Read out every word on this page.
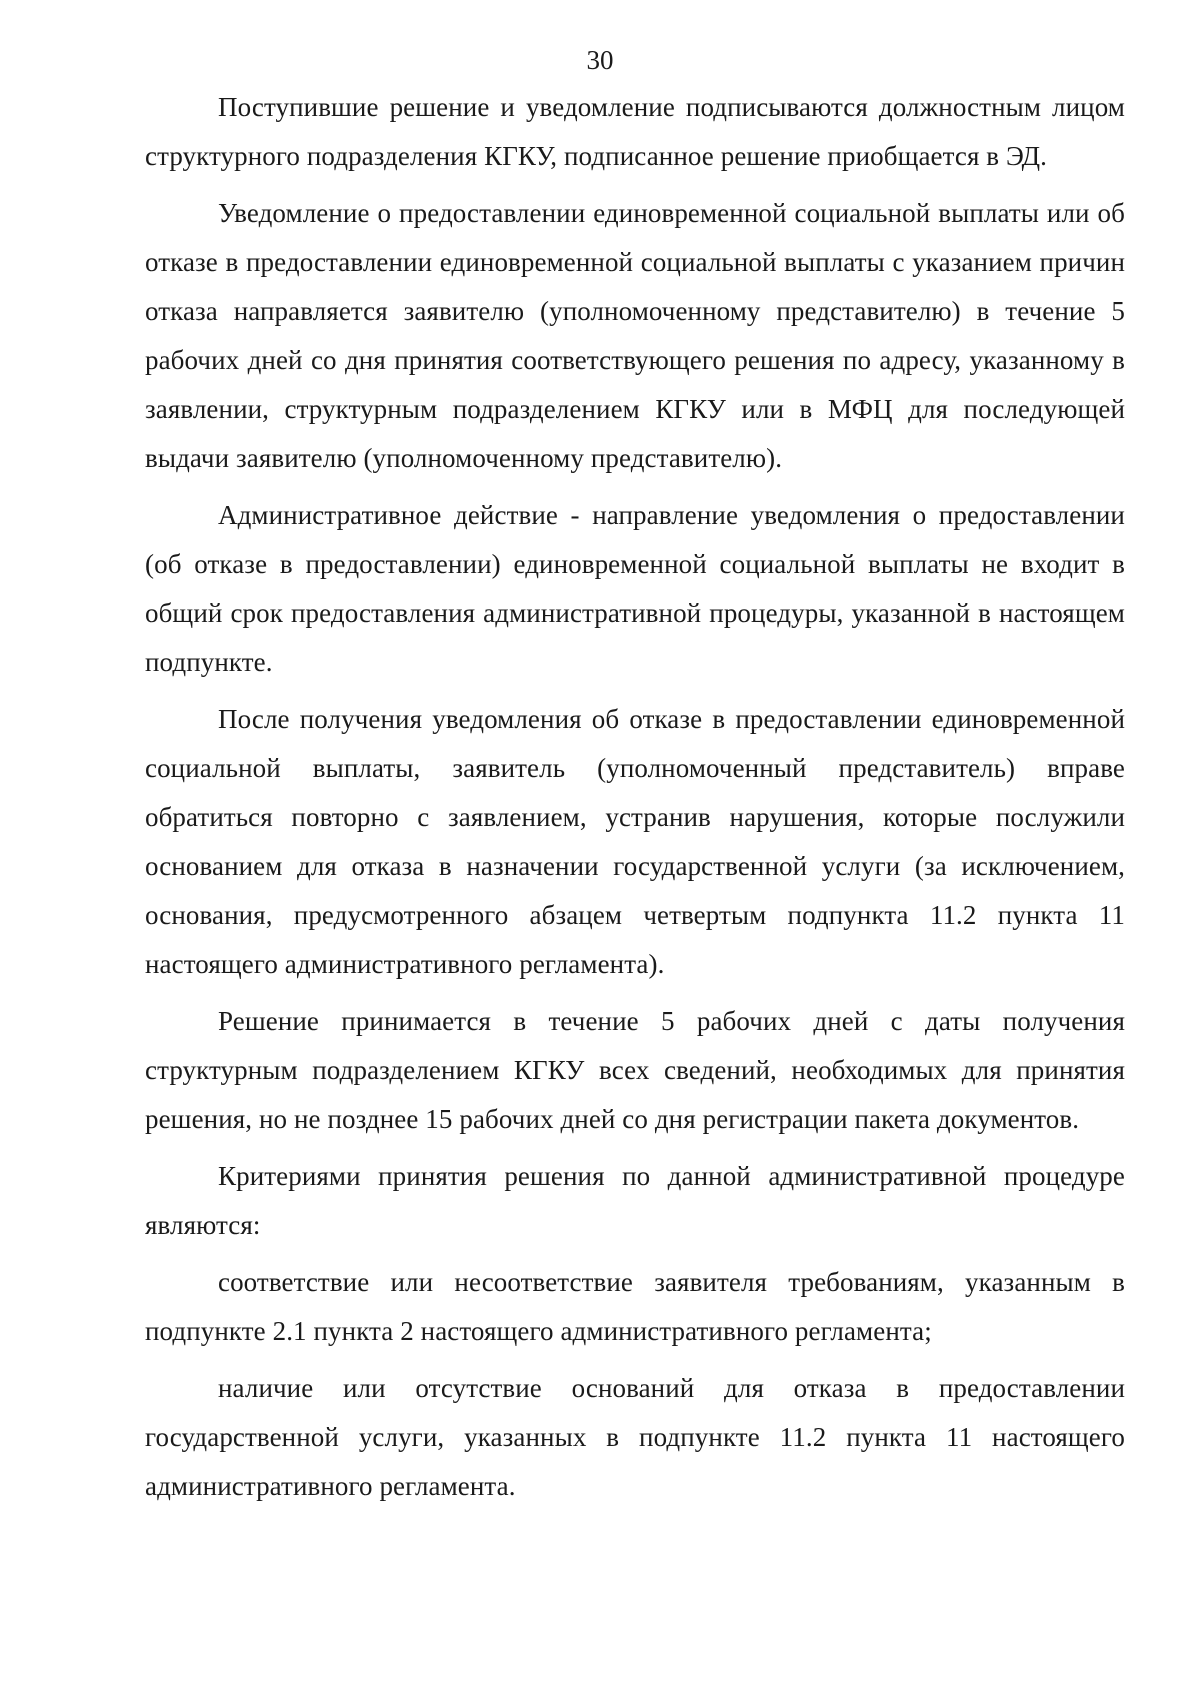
30

Поступившие решение и уведомление подписываются должностным лицом структурного подразделения КГКУ, подписанное решение приобщается в ЭД.

Уведомление о предоставлении единовременной социальной выплаты или об отказе в предоставлении единовременной социальной выплаты с указанием причин отказа направляется заявителю (уполномоченному представителю) в течение 5 рабочих дней со дня принятия соответствующего решения по адресу, указанному в заявлении, структурным подразделением КГКУ или в МФЦ для последующей выдачи заявителю (уполномоченному представителю).

Административное действие - направление уведомления о предоставлении (об отказе в предоставлении) единовременной социальной выплаты не входит в общий срок предоставления административной процедуры, указанной в настоящем подпункте.

После получения уведомления об отказе в предоставлении единовременной социальной выплаты, заявитель (уполномоченный представитель) вправе обратиться повторно с заявлением, устранив нарушения, которые послужили основанием для отказа в назначении государственной услуги (за исключением, основания, предусмотренного абзацем четвертым подпункта 11.2 пункта 11 настоящего административного регламента).

Решение принимается в течение 5 рабочих дней с даты получения структурным подразделением КГКУ всех сведений, необходимых для принятия решения, но не позднее 15 рабочих дней со дня регистрации пакета документов.

Критериями принятия решения по данной административной процедуре являются:

соответствие или несоответствие заявителя требованиям, указанным в подпункте 2.1 пункта 2 настоящего административного регламента;

наличие или отсутствие оснований для отказа в предоставлении государственной услуги, указанных в подпункте 11.2 пункта 11 настоящего административного регламента.
